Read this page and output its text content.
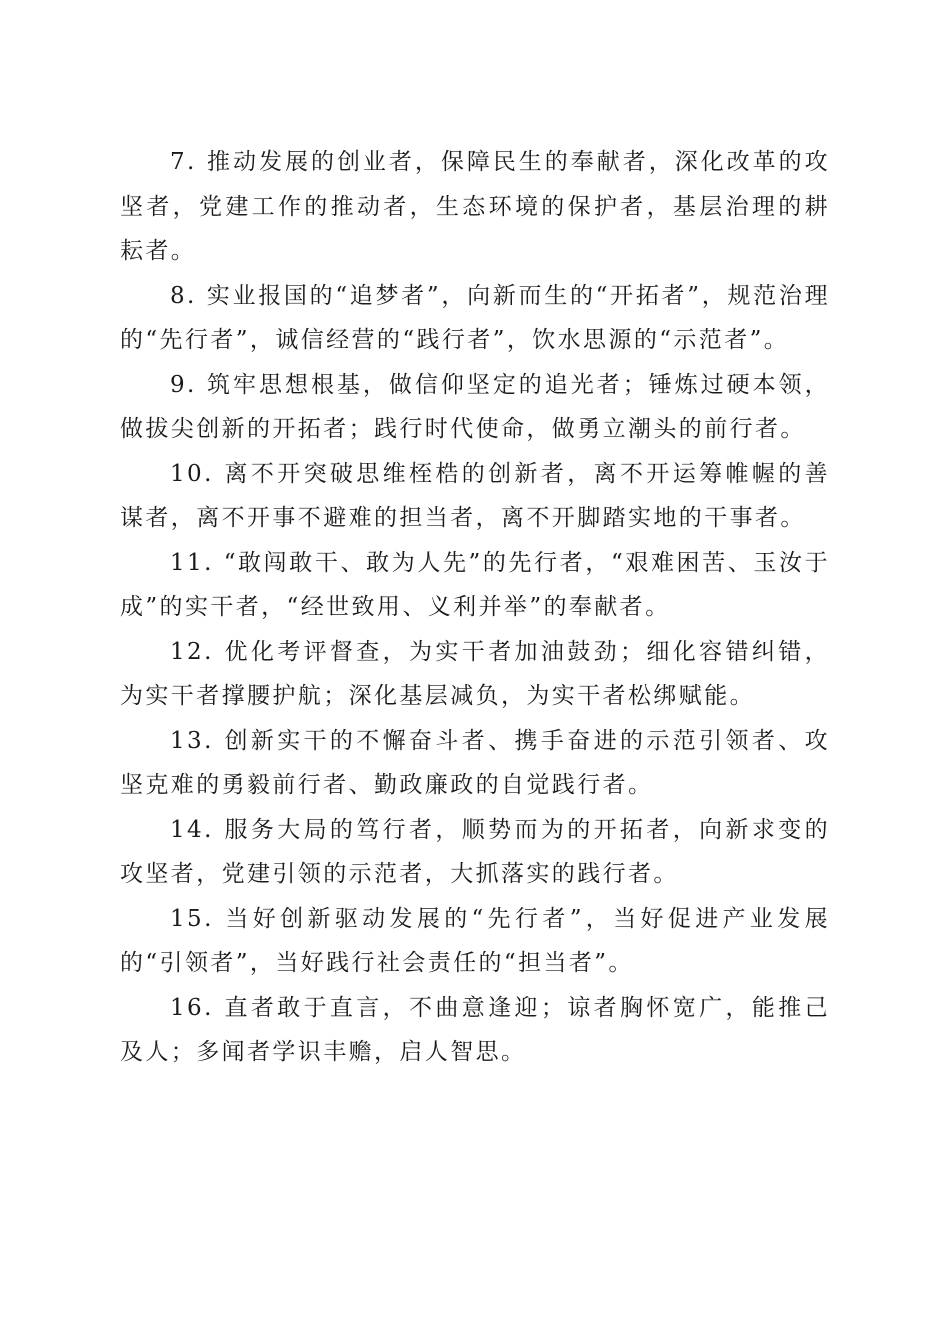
7. 推动发展的创业者，保障民生的奉献者，深化改革的攻坚者，党建工作的推动者，生态环境的保护者，基层治理的耕耘者。

8. 实业报国的“追梦者”，向新而生的“开拓者”，规范治理的“先行者”，诚信经营的“践行者”，饮水思源的“示范者”。

9. 筑牢思想根基，做信仰坚定的追光者；锤炼过硬本领，做拔尖创新的开拓者；践行时代使命，做勇立潮头的前行者。

10. 离不开突破思维桎梏的创新者，离不开运筹帷幄的善谋者，离不开事不避难的担当者，离不开脚踏实地的干事者。

11. “敢闯敢干、敢为人先”的先行者，“艰难困苦、玉汝于成”的实干者，“经世致用、义利并举”的奉献者。

12. 优化考评督查，为实干者加油鼓劲；细化容错纠错，为实干者撑腰护航；深化基层减负，为实干者松绑赋能。

13. 创新实干的不懈奋斗者、携手奋进的示范引领者、攻坚克难的勇毅前行者、勤政廉政的自觉践行者。

14. 服务大局的笃行者，顺势而为的开拓者，向新求变的攻坚者，党建引领的示范者，大抓落实的践行者。

15. 当好创新驱动发展的“先行者”，当好促进产业发展的“引领者”，当好践行社会责任的“担当者”。

16. 直者敢于直言，不曲意逢迎；谅者胸怀宽广，能推己及人；多闻者学识丰赡，启人智思。
